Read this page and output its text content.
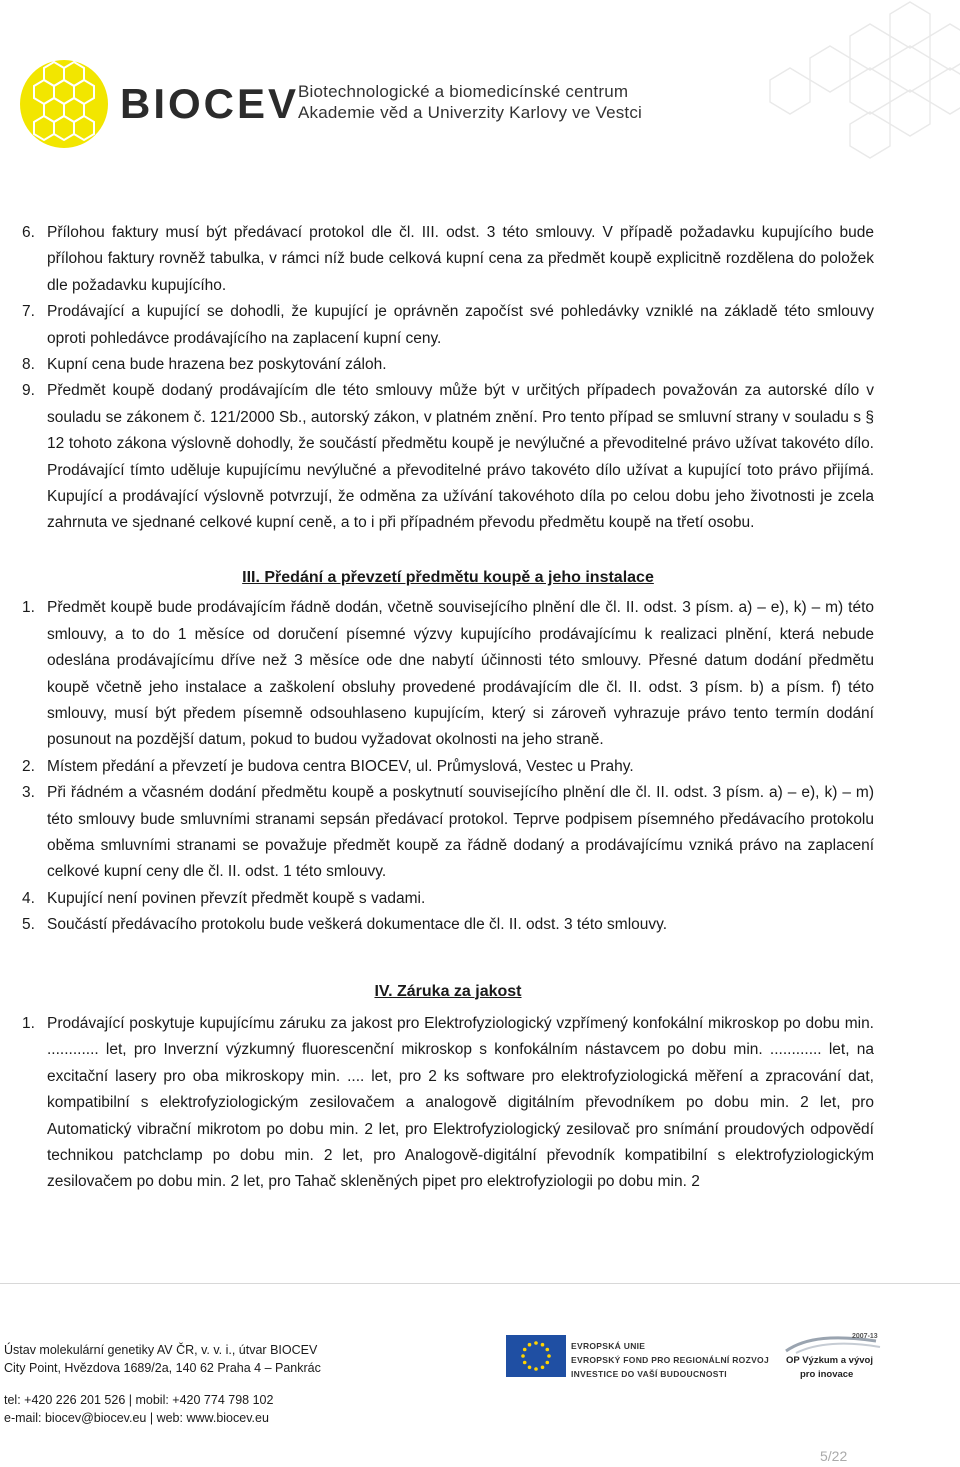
BIOCEV
Biotechnologické a biomedicínské centrum
Akademie věd a Univerzity Karlovy ve Vestci
6. Přílohou faktury musí být předávací protokol dle čl. III. odst. 3 této smlouvy. V případě požadavku kupujícího bude přílohou faktury rovněž tabulka, v rámci níž bude celková kupní cena za předmět koupě explicitně rozdělena do položek dle požadavku kupujícího.
7. Prodávající a kupující se dohodli, že kupující je oprávněn započíst své pohledávky vzniklé na základě této smlouvy oproti pohledávce prodávajícího na zaplacení kupní ceny.
8. Kupní cena bude hrazena bez poskytování záloh.
9. Předmět koupě dodaný prodávajícím dle této smlouvy může být v určitých případech považován za autorské dílo v souladu se zákonem č. 121/2000 Sb., autorský zákon, v platném znění. Pro tento případ se smluvní strany v souladu s § 12 tohoto zákona výslovně dohodly, že součástí předmětu koupě je nevýlučné a převoditelné právo užívat takovéto dílo. Prodávající tímto uděluje kupujícímu nevýlučné a převoditelné právo takovéto dílo užívat a kupující toto právo přijímá. Kupující a prodávající výslovně potvrzují, že odměna za užívání takovéhoto díla po celou dobu jeho životnosti je zcela zahrnuta ve sjednané celkové kupní ceně, a to i při případném převodu předmětu koupě na třetí osobu.
III. Předání a převzetí předmětu koupě a jeho instalace
1. Předmět koupě bude prodávajícím řádně dodán, včetně souvisejícího plnění dle čl. II. odst. 3 písm. a) – e), k) – m) této smlouvy, a to do 1 měsíce od doručení písemné výzvy kupujícího prodávajícímu k realizaci plnění, která nebude odeslána prodávajícímu dříve než 3 měsíce ode dne nabytí účinnosti této smlouvy. Přesné datum dodání předmětu koupě včetně jeho instalace a zaškolení obsluhy provedené prodávajícím dle čl. II. odst. 3 písm. b) a písm. f) této smlouvy, musí být předem písemně odsouhlaseno kupujícím, který si zároveň vyhrazuje právo tento termín dodání posunout na pozdější datum, pokud to budou vyžadovat okolnosti na jeho straně.
2. Místem předání a převzetí je budova centra BIOCEV, ul. Průmyslová, Vestec u Prahy.
3. Při řádném a včasném dodání předmětu koupě a poskytnutí souvisejícího plnění dle čl. II. odst. 3 písm. a) – e), k) – m) této smlouvy bude smluvními stranami sepsán předávací protokol. Teprve podpisem písemného předávacího protokolu oběma smluvními stranami se považuje předmět koupě za řádně dodaný a prodávajícímu vzniká právo na zaplacení celkové kupní ceny dle čl. II. odst. 1 této smlouvy.
4. Kupující není povinen převzít předmět koupě s vadami.
5. Součástí předávacího protokolu bude veškerá dokumentace dle čl. II. odst. 3 této smlouvy.
IV. Záruka za jakost
1. Prodávající poskytuje kupujícímu záruku za jakost pro Elektrofyziologický vzpřímený konfokální mikroskop po dobu min. ............ let, pro Inverzní výzkumný fluorescenční mikroskop s konfokálním nástavcem po dobu min. ............ let, na excitační lasery pro oba mikroskopy min. .... let, pro 2 ks software pro elektrofyziologická měření a zpracování dat, kompatibilní s elektrofyziologickým zesilovačem a analogově digitálním převodníkem po dobu min. 2 let, pro Automatický vibrační mikrotom po dobu min. 2 let, pro Elektrofyziologický zesilovač pro snímání proudových odpovědí technikou patchclamp po dobu min. 2 let, pro Analogově-digitální převodník kompatibilní s elektrofyziologickým zesilovačem po dobu min. 2 let, pro Tahač skleněných pipet pro elektrofyziologii po dobu min. 2
Ústav molekulární genetiky AV ČR, v. v. i., útvar BIOCEV
City Point, Hvězdova 1689/2a, 140 62 Praha 4 – Pankrác
tel: +420 226 201 526 | mobil: +420 774 798 102
e-mail: biocev@biocev.eu | web: www.biocev.eu
EVROPSKÁ UNIE
EVROPSKÝ FOND PRO REGIONÁLNÍ ROZVOJ
INVESTICE DO VAŠÍ BUDOUCNOSTI
2007-13
OP Výzkum a vývoj
pro inovace
5/22
